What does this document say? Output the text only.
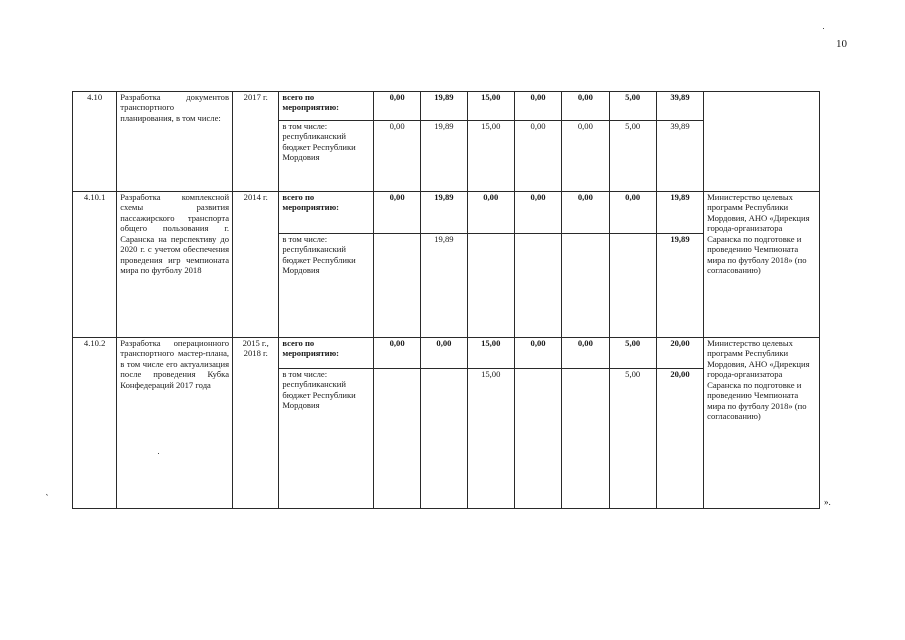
10
`	».
4.10	Разработка документов транспортного планирования, в том числе:	2017 г.	всего по мероприятию:	0,00	19,89	15,00	0,00	0,00	5,00	39,89	
			в том числе: республиканский бюджет Республики Мордовия	0,00	19,89	15,00	0,00	0,00	5,00	39,89	
4.10.1	Разработка комплексной схемы развития пассажирского транспорта общего пользования г. Саранска на перспективу до 2020 г. с учетом обеспечения проведения игр чемпионата мира по футболу 2018	2014 г.	всего по мероприятию:	0,00	19,89	0,00	0,00	0,00	0,00	19,89	Министерство целевых программ Республики Мордовия, АНО «Дирекция города-организатора Саранска по подготовке и проведению Чемпионата мира по футболу 2018» (по согласованию)
			в том числе: республиканский бюджет Республики Мордовия		19,89					19,89	
4.10.2	Разработка операционного транспортного мастер-плана, в том числе его актуализация после проведения Кубка Конфедераций 2017 года	2015 г., 2018 г.	всего по мероприятию:	0,00	0,00	15,00	0,00	0,00	5,00	20,00	Министерство целевых программ Республики Мордовия, АНО «Дирекция города-организатора Саранска по подготовке и проведению Чемпионата мира по футболу 2018» (по согласованию)
			в том числе: республиканский бюджет Республики Мордовия			15,00			5,00	20,00	
